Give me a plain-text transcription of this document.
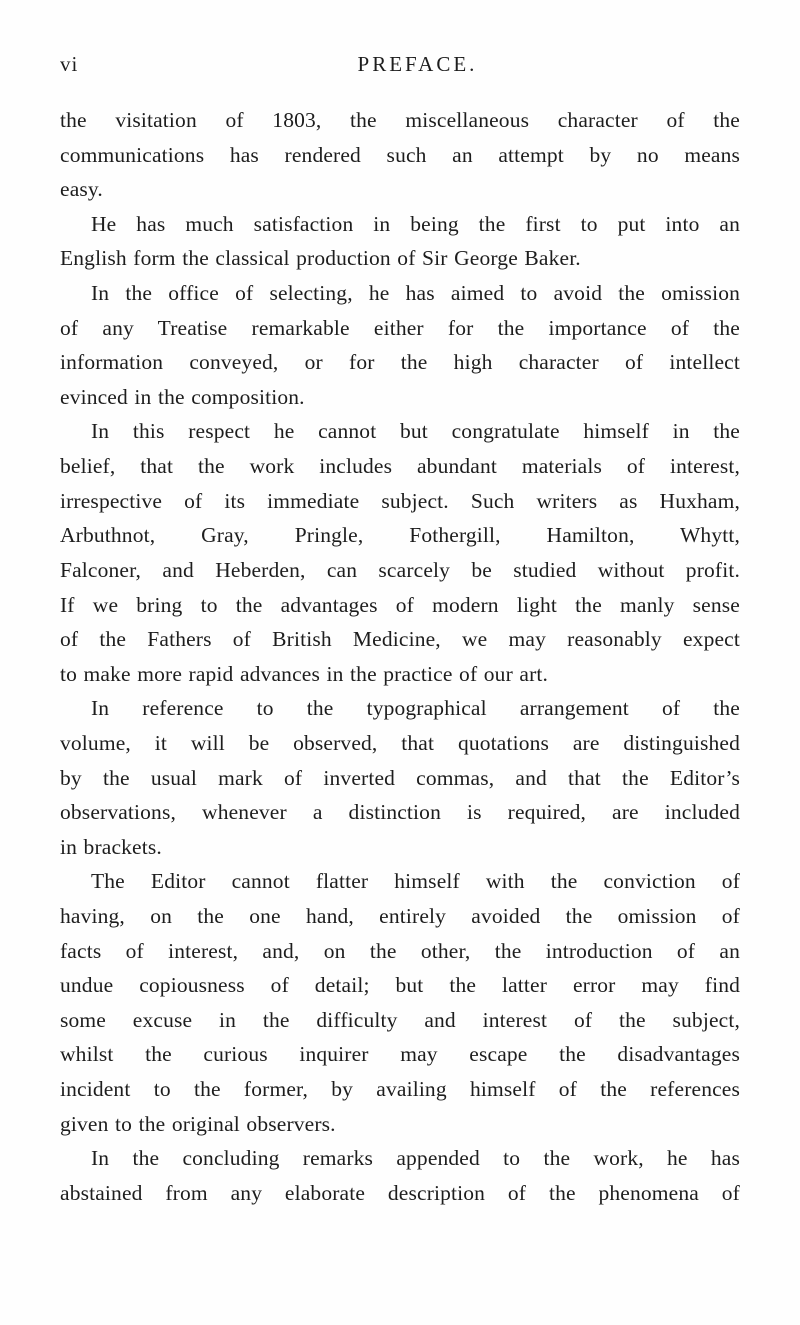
vi	PREFACE.
the visitation of 1803, the miscellaneous character of the
communications has rendered such an attempt by no means
easy.
He has much satisfaction in being the first to put into an
English form the classical production of Sir George Baker.
In the office of selecting, he has aimed to avoid the omission
of any Treatise remarkable either for the importance of the
information conveyed, or for the high character of intellect
evinced in the composition.
In this respect he cannot but congratulate himself in the
belief, that the work includes abundant materials of interest,
irrespective of its immediate subject. Such writers as Huxham,
Arbuthnot, Gray, Pringle, Fothergill, Hamilton, Whytt,
Falconer, and Heberden, can scarcely be studied without profit.
If we bring to the advantages of modern light the manly sense
of the Fathers of British Medicine, we may reasonably expect
to make more rapid advances in the practice of our art.
In reference to the typographical arrangement of the
volume, it will be observed, that quotations are distinguished
by the usual mark of inverted commas, and that the Editor’s
observations, whenever a distinction is required, are included
in brackets.
The Editor cannot flatter himself with the conviction of
having, on the one hand, entirely avoided the omission of
facts of interest, and, on the other, the introduction of an
undue copiousness of detail; but the latter error may find
some excuse in the difficulty and interest of the subject,
whilst the curious inquirer may escape the disadvantages
incident to the former, by availing himself of the references
given to the original observers.
In the concluding remarks appended to the work, he has
abstained from any elaborate description of the phenomena of
